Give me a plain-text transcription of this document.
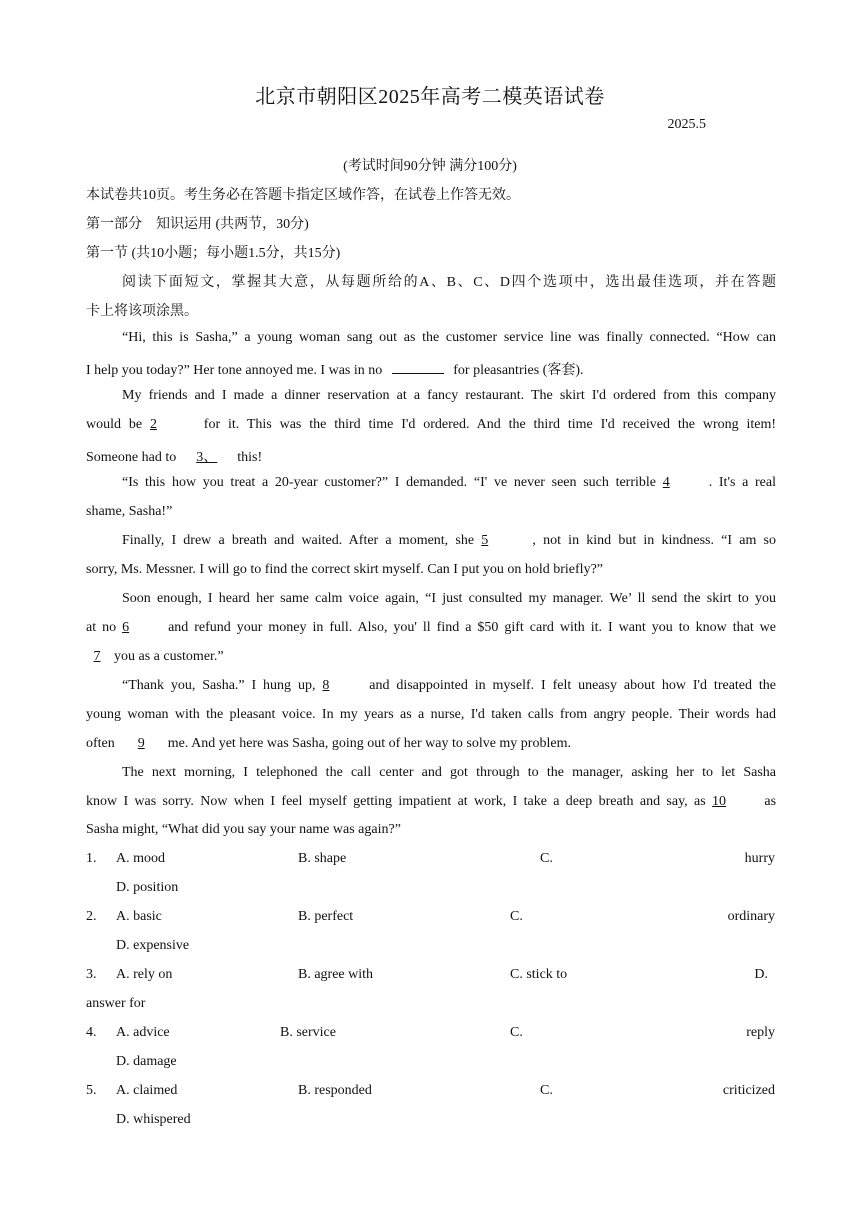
北京市朝阳区2025年高考二模英语试卷
2025.5
(考试时间90分钟 满分100分)
本试卷共10页。考生务必在答题卡指定区域作答，在试卷上作答无效。
第一部分　知识运用 (共两节，30分)
第一节 (共10小题；每小题1.5分，共15分)
阅读下面短文，掌握其大意，从每题所给的A、B、C、D四个选项中，选出最佳选项，并在答题
卡上将该项涂黑。
“Hi, this is Sasha,” a young woman sang out as the customer service line was finally connected. “How can
I help you today?” Her tone annoyed me. I was in no	for pleasantries (客套).
My friends and I made a dinner reservation at a fancy restaurant. The skirt I'd ordered from this company
would be 2	for it. This was the third time I'd ordered. And the third time I'd received the wrong item!
Someone had to 3、 this!
“Is this how you treat a 20-year customer?” I demanded. “I' ve never seen such terrible 4	. It's a real
shame, Sasha!”
Finally, I drew a breath and waited. After a moment, she 5	, not in kind but in kindness. “I am so
sorry, Ms. Messner. I will go to find the correct skirt myself. Can I put you on hold briefly?”
Soon enough, I heard her same calm voice again, “I just consulted my manager. We’ ll send the skirt to you
at no 6	and refund your money in full. Also, you' ll find a $50 gift card with it. I want you to know that we
7 you as a customer.”
“Thank you, Sasha.” I hung up, 8	and disappointed in myself. I felt uneasy about how I'd treated the
young woman with the pleasant voice. In my years as a nurse, I'd taken calls from angry people. Their words had
often 9 me. And yet here was Sasha, going out of her way to solve my problem.
The next morning, I telephoned the call center and got through to the manager, asking her to let Sasha
know I was sorry. Now when I feel myself getting impatient at work, I take a deep breath and say, as 10	as
Sasha might, “What did you say your name was again?”
1. A. mood	B. shape	C.	hurry
D. position
2. A. basic	B. perfect	C.	ordinary
D. expensive
3. A. rely on	B. agree with	C. stick to	D.
answer for
4. A. advice	B. service	C.	reply
D. damage
5. A. claimed	B. responded	C.	criticized
D. whispered
